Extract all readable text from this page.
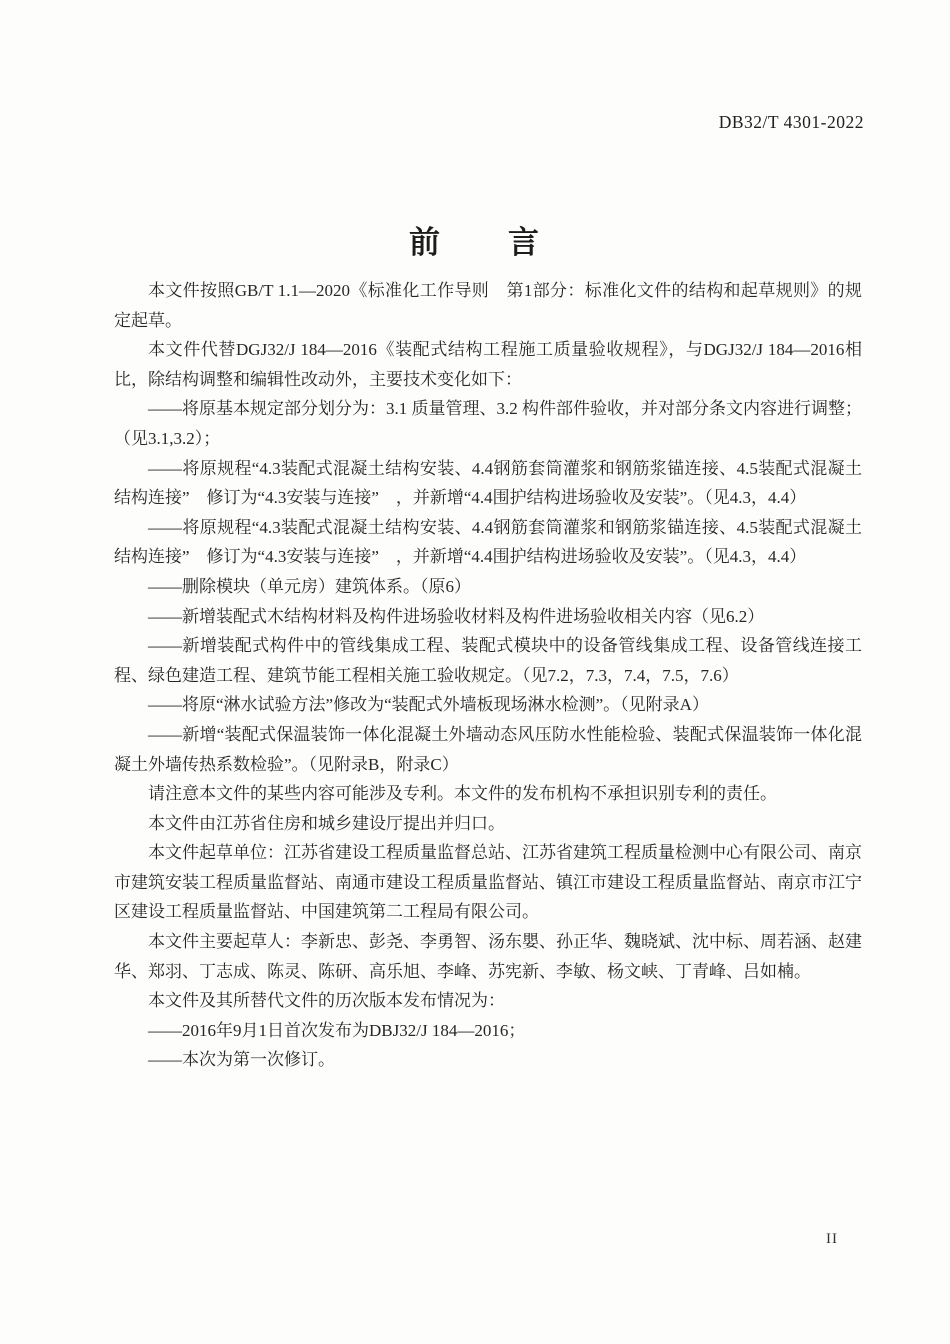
DB32/T 4301-2022
前　　言

本文件按照GB/T 1.1—2020《标准化工作导则　第1部分：标准化文件的结构和起草规则》的规定起草。

本文件代替DGJ32/J 184—2016《装配式结构工程施工质量验收规程》，与DGJ32/J 184—2016相比，除结构调整和编辑性改动外，主要技术变化如下：

——将原基本规定部分划分为：3.1 质量管理、3.2 构件部件验收，并对部分条文内容进行调整；（见3.1,3.2）；

——将原规程“4.3装配式混凝土结构安装、4.4钢筋套筒灌浆和钢筋浆锚连接、4.5装配式混凝土结构连接”　修订为“4.3安装与连接”　，并新增“4.4围护结构进场验收及安装”。（见4.3，4.4）

——将原规程“4.3装配式混凝土结构安装、4.4钢筋套筒灌浆和钢筋浆锚连接、4.5装配式混凝土结构连接”　修订为“4.3安装与连接”　，并新增“4.4围护结构进场验收及安装”。（见4.3，4.4）

——删除模块（单元房）建筑体系。（原6）

——新增装配式木结构材料及构件进场验收材料及构件进场验收相关内容（见6.2）

——新增装配式构件中的管线集成工程、装配式模块中的设备管线集成工程、设备管线连接工程、绿色建造工程、建筑节能工程相关施工验收规定。（见7.2，7.3，7.4，7.5，7.6）

——将原“淋水试验方法”修改为“装配式外墙板现场淋水检测”。（见附录A）

——新增“装配式保温装饰一体化混凝土外墙动态风压防水性能检验、装配式保温装饰一体化混凝土外墙传热系数检验”。（见附录B，附录C）

请注意本文件的某些内容可能涉及专利。本文件的发布机构不承担识别专利的责任。

本文件由江苏省住房和城乡建设厅提出并归口。

本文件起草单位：江苏省建设工程质量监督总站、江苏省建筑工程质量检测中心有限公司、南京市建筑安装工程质量监督站、南通市建设工程质量监督站、镇江市建设工程质量监督站、南京市江宁区建设工程质量监督站、中国建筑第二工程局有限公司。

本文件主要起草人：李新忠、彭尧、李勇智、汤东嬰、孙正华、魏晓斌、沈中标、周若涵、赵建华、郑羽、丁志成、陈灵、陈研、高乐旭、李峰、苏宪新、李敏、杨文峡、丁青峰、吕如楠。

本文件及其所替代文件的历次版本发布情况为：

——2016年9月1日首次发布为DBJ32/J 184—2016；

——本次为第一次修订。

II
